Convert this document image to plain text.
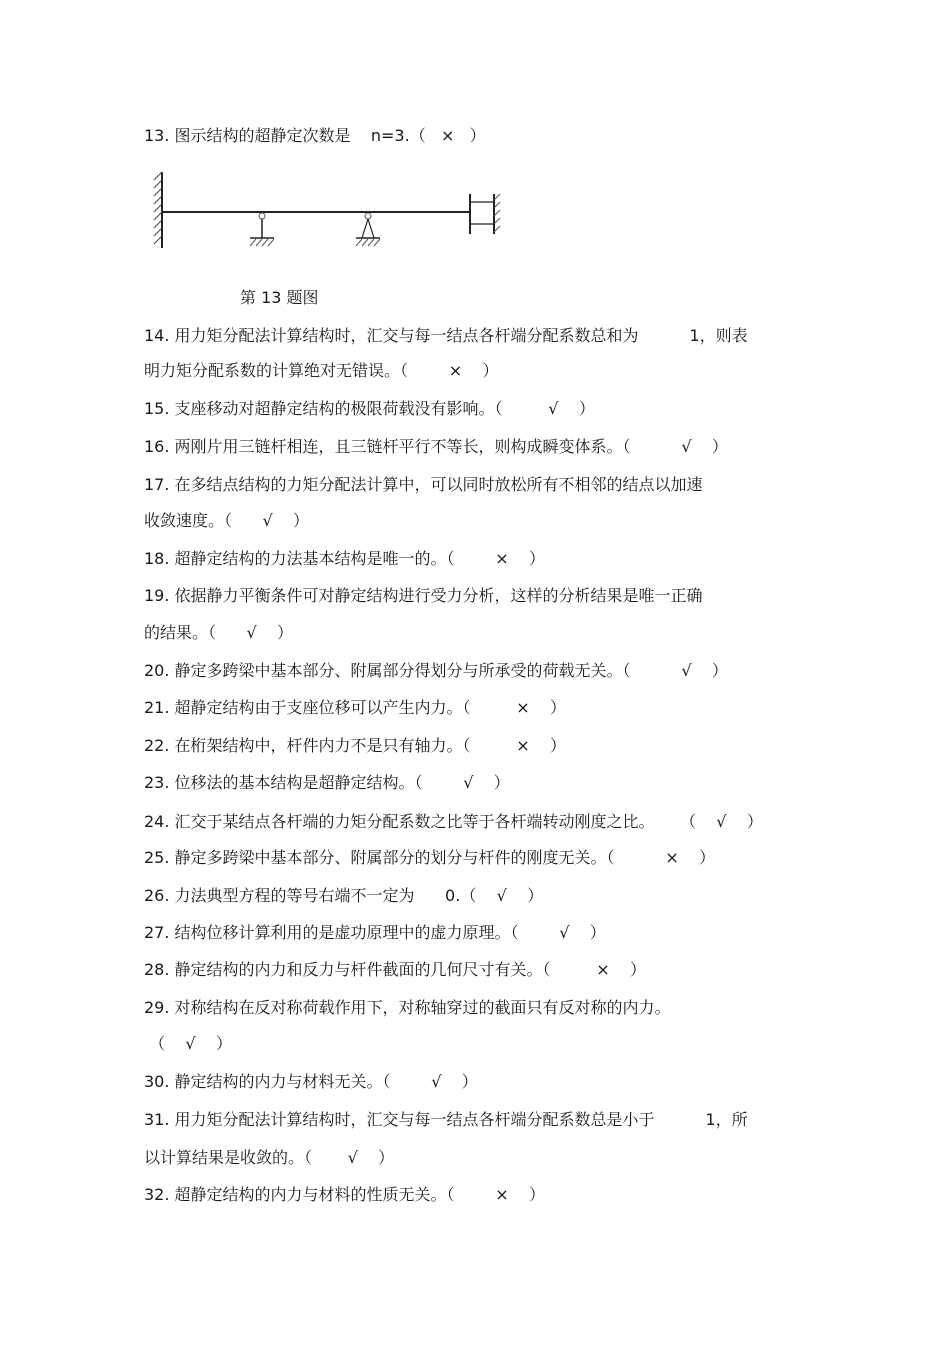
13. 图示结构的超静定次数是    n=3.（   ×   ）
第 13 题图
14. 用力矩分配法计算结构时，汇交与每一结点各杆端分配系数总和为          1，则表
明力矩分配系数的计算绝对无错误。（        ×    ）
15. 支座移动对超静定结构的极限荷载没有影响。（         √    ）
16. 两刚片用三链杆相连，且三链杆平行不等长，则构成瞬变体系。（          √    ）
17. 在多结点结构的力矩分配法计算中，可以同时放松所有不相邻的结点以加速
收敛速度。（      √    ）
18. 超静定结构的力法基本结构是唯一的。（        ×    ）
19. 依据静力平衡条件可对静定结构进行受力分析，这样的分析结果是唯一正确
的结果。（      √    ）
20. 静定多跨梁中基本部分、附属部分得划分与所承受的荷载无关。（          √    ）
21. 超静定结构由于支座位移可以产生内力。（         ×    ）
22. 在桁架结构中，杆件内力不是只有轴力。（         ×    ）
23. 位移法的基本结构是超静定结构。（        √    ）
24. 汇交于某结点各杆端的力矩分配系数之比等于各杆端转动刚度之比。     （    √    ）
25. 静定多跨梁中基本部分、附属部分的划分与杆件的刚度无关。（          ×    ）
26. 力法典型方程的等号右端不一定为      0.（    √    ）
27. 结构位移计算利用的是虚功原理中的虚力原理。（        √    ）
28. 静定结构的内力和反力与杆件截面的几何尺寸有关。（         ×    ）
29. 对称结构在反对称荷载作用下，对称轴穿过的截面只有反对称的内力。
（    √    ）
30. 静定结构的内力与材料无关。（        √    ）
31. 用力矩分配法计算结构时，汇交与每一结点各杆端分配系数总是小于          1，所
以计算结果是收敛的。（       √    ）
32. 超静定结构的内力与材料的性质无关。（        ×    ）
